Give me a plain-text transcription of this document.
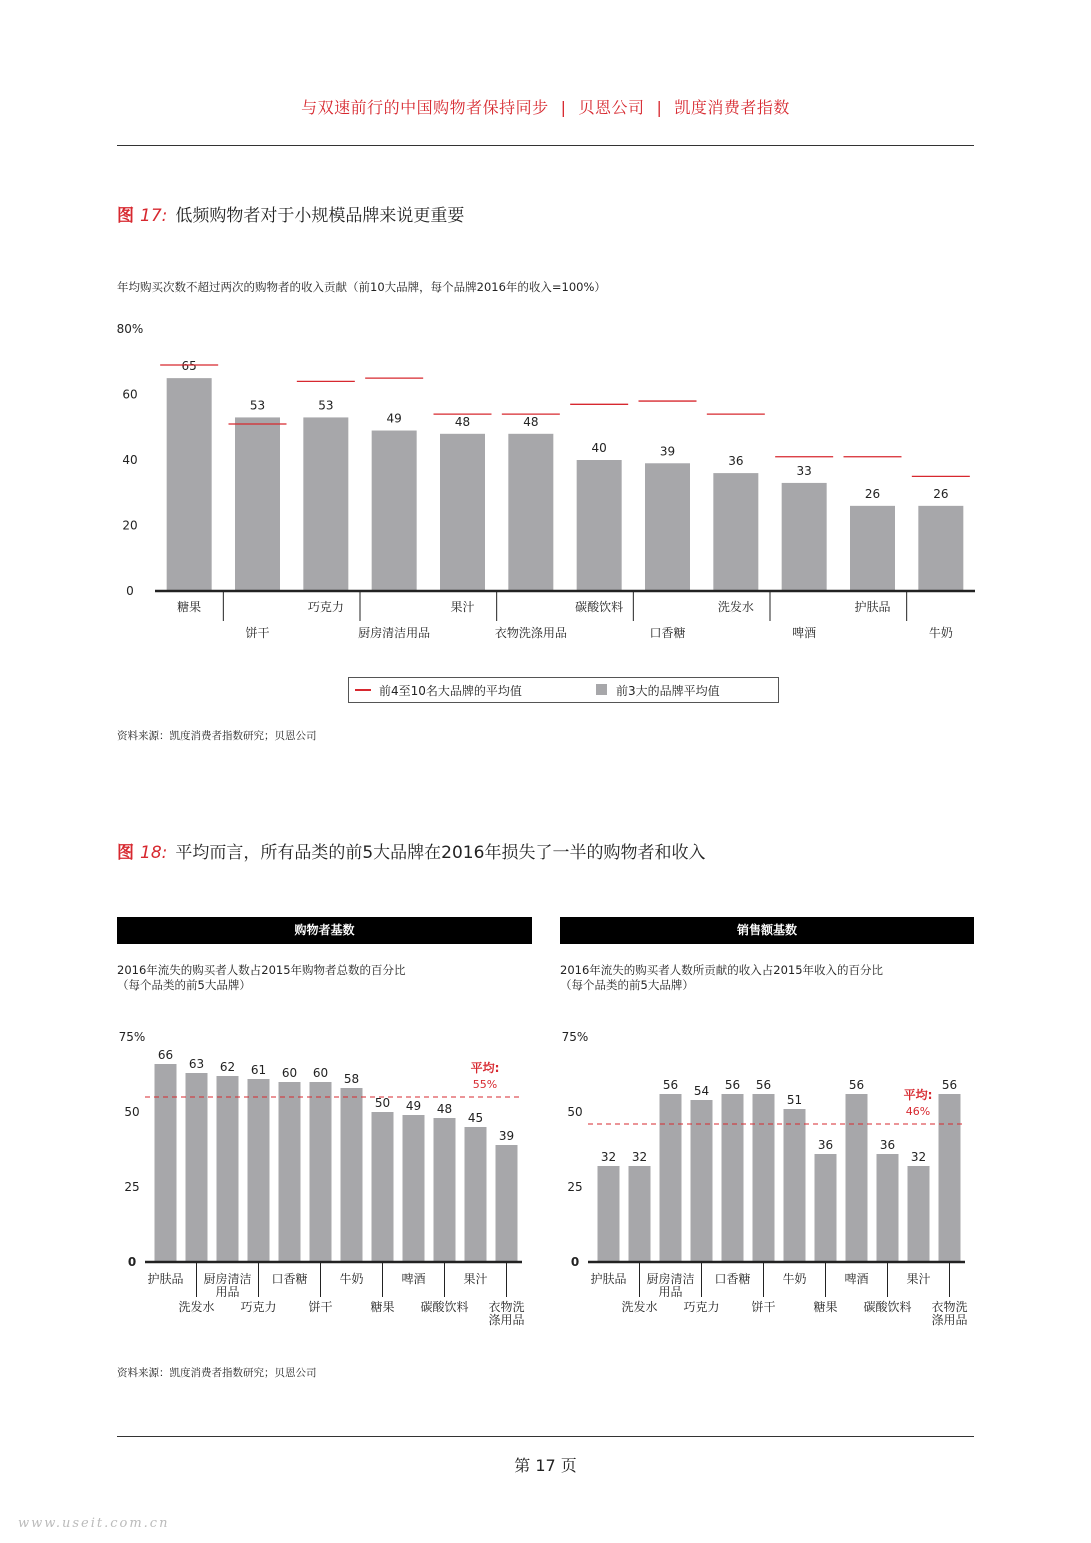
与双速前行的中国购物者保持同步 | 贝恩公司 | 凯度消费者指数
图 17: 低频购物者对于小规模品牌来说更重要
年均购买次数不超过两次的购物者的收入贡献（前10大品牌，每个品牌2016年的收入=100%）
0
20
40
60
80%
65
糖果
53
饼干
53
巧克力
49
厨房清洁用品
48
果汁
48
衣物洗涤用品
40
碳酸饮料
39
口香糖
36
洗发水
33
啤酒
26
护肤品
26
牛奶
前4至10名大品牌的平均值	前3大的品牌平均值
资料来源：凯度消费者指数研究；贝恩公司
图 18: 平均而言，所有品类的前5大品牌在2016年损失了一半的购物者和收入
购物者基数	销售额基数
2016年流失的购买者人数占2015年购物者总数的百分比
（每个品类的前5大品牌）
2016年流失的购买者人数所贡献的收入占2015年收入的百分比
（每个品类的前5大品牌）
0
25
50
75%
66
护肤品
63
洗发水
62
厨房清洁用品
61
巧克力
60
口香糖
60
饼干
58
牛奶
50
糖果
49
啤酒
48
碳酸饮料
45
果汁
39
衣物洗涤用品
平均:
55%
0
25
50
75%
32
护肤品
32
洗发水
56
厨房清洁用品
54
巧克力
56
口香糖
56
饼干
51
牛奶
36
糖果
56
啤酒
36
碳酸饮料
32
果汁
56
衣物洗涤用品
平均:
46%
资料来源：凯度消费者指数研究；贝恩公司
第 17 页
www.useit.com.cn
